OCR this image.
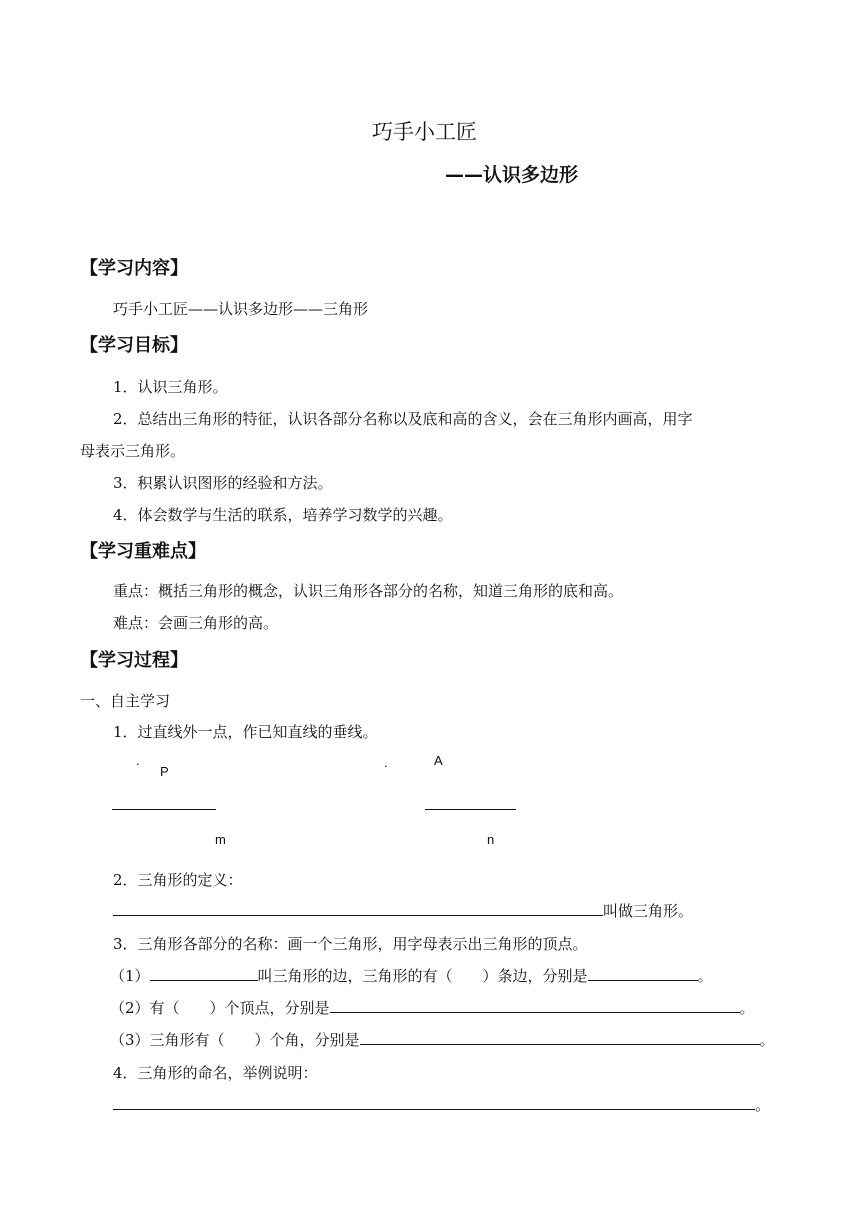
巧手小工匠
——认识多边形
【学习内容】
巧手小工匠——认识多边形——三角形
【学习目标】
1．认识三角形。
2．总结出三角形的特征，认识各部分名称以及底和高的含义，会在三角形内画高，用字
母表示三角形。
3．积累认识图形的经验和方法。
4．体会数学与生活的联系，培养学习数学的兴趣。
【学习重难点】
重点：概括三角形的概念，认识三角形各部分的名称，知道三角形的底和高。
难点：会画三角形的高。
【学习过程】
一、自主学习
1．过直线外一点，作已知直线的垂线。
.
P
m
.	A
n
2．三角形的定义：
叫做三角形。
3．三角形各部分的名称：画一个三角形，用字母表示出三角形的顶点。
（1）	叫三角形的边，三角形的有（　　）条边，分别是	。
（2）有（　　）个顶点，分别是	。
（3）三角形有（　　）个角，分别是	。
4．三角形的命名，举例说明：
。
